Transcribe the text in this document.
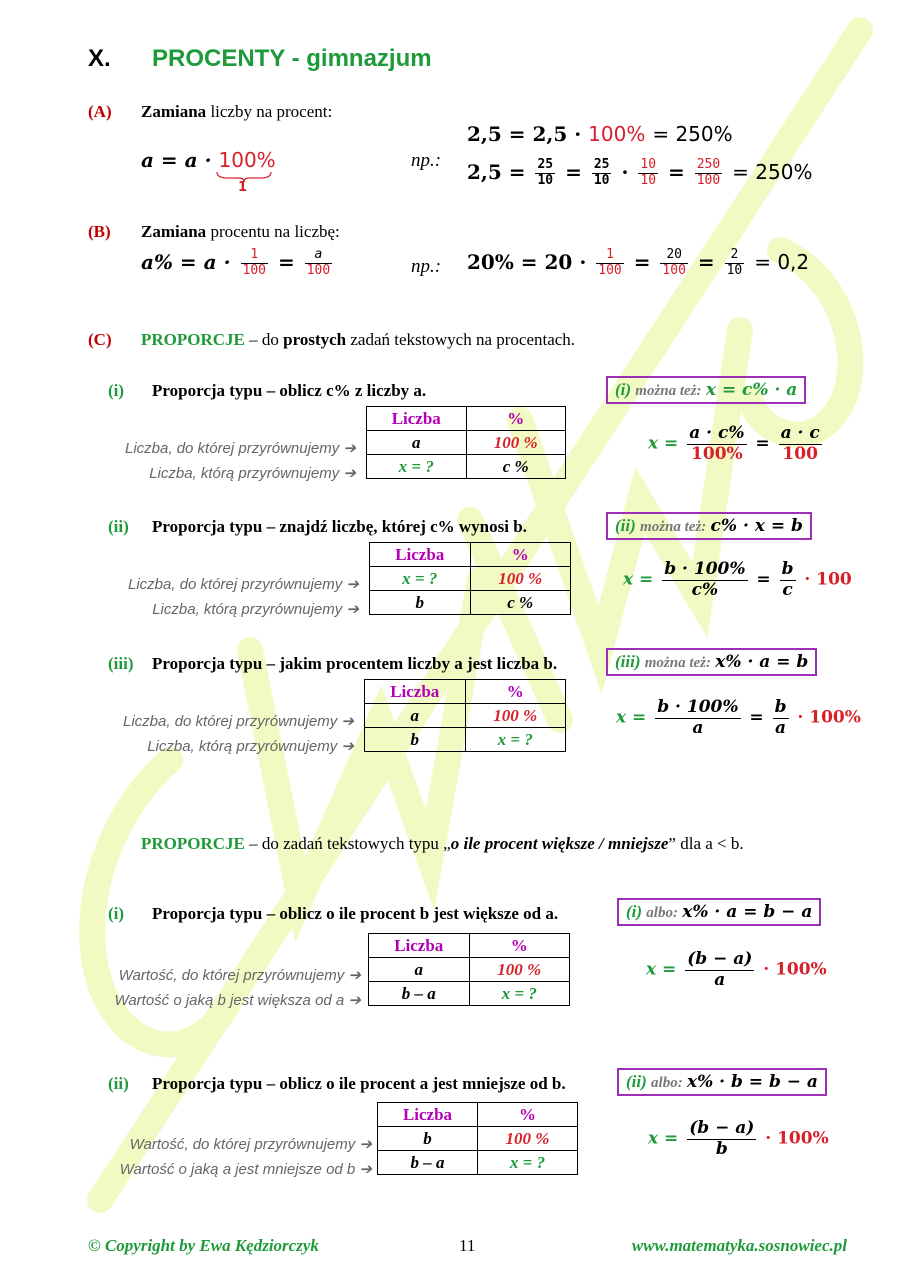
X. PROCENTY - gimnazjum
(A) Zamiana liczby na procent:
a = a · 100%
1
np.:
2,5 = 2,5 · 100% = 250%
$2,5 = \frac{25}{10} = \frac{25}{10} \cdot \frac{10}{10} = \frac{250}{100} = 250\%$
(B) Zamiana procentu na liczbę:
$a\% = a \cdot \frac{1}{100} = \frac{a}{100}$	np.: $20\% = 20 \cdot \frac{1}{100} = \frac{20}{100} = \frac{2}{10} = 0,2$
(C) PROPORCJE – do prostych zadań tekstowych na procentach.
(i) Proporcja typu – oblicz c% z liczby a.
Liczba, do której przyrównujemy ➔
Liczba, którą przyrównujemy ➔
Liczba	%
a	100 %
x = ?	c %
(i) można też: x = c% · a
$x = \frac{a \cdot c\%}{100\%} = \frac{a \cdot c}{100}$
(ii) Proporcja typu – znajdź liczbę, której c% wynosi b.
Liczba, do której przyrównujemy ➔
Liczba, którą przyrównujemy ➔
Liczba	%
x = ?	100 %
b	c %
(ii) można też: c% · x = b
$x = \frac{b \cdot 100\%}{c\%} = \frac{b}{c} \cdot 100$
(iii) Proporcja typu – jakim procentem liczby a jest liczba b.
Liczba, do której przyrównujemy ➔
Liczba, którą przyrównujemy ➔
Liczba	%
a	100 %
b	x = ?
(iii) można też: x% · a = b
$x = \frac{b \cdot 100\%}{a} = \frac{b}{a} \cdot 100\%$
PROPORCJE – do zadań tekstowych typu „o ile procent większe / mniejsze” dla a < b.
(i) Proporcja typu – oblicz o ile procent b jest większe od a.
Wartość, do której przyrównujemy ➔
Wartość o jaką b jest większa od a ➔
Liczba	%
a	100 %
b – a	x = ?
(i) albo: x% · a = b − a
$x = \frac{(b - a)}{a} \cdot 100\%$
(ii) Proporcja typu – oblicz o ile procent a jest mniejsze od b.
Wartość, do której przyrównujemy ➔
Wartość o jaką a jest mniejsze od b ➔
Liczba	%
b	100 %
b – a	x = ?
(ii) albo: x% · b = b − a
$x = \frac{(b - a)}{b} \cdot 100\%$
© Copyright by Ewa Kędziorczyk	11	www.matematyka.sosnowiec.pl
